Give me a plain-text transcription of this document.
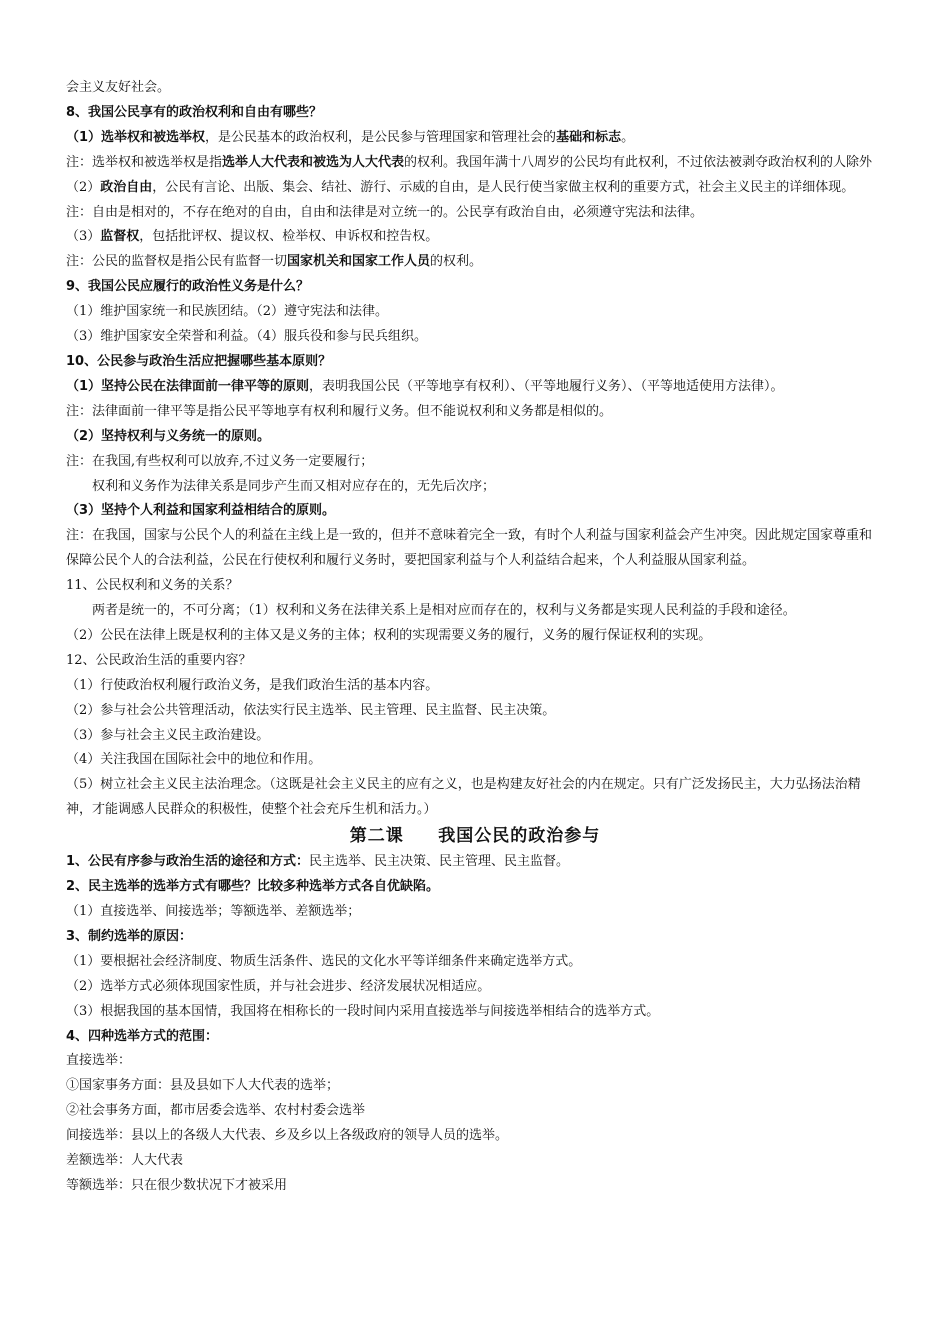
会主义友好社会。
8、我国公民享有的政治权利和自由有哪些？
（1）选举权和被选举权，是公民基本的政治权利，是公民参与管理国家和管理社会的基础和标志。
注：选举权和被选举权是指选举人大代表和被选为人大代表的权利。我国年满十八周岁的公民均有此权利，不过依法被剥夺政治权利的人除外
（2）政治自由，公民有言论、出版、集会、结社、游行、示威的自由，是人民行使当家做主权利的重要方式，社会主义民主的详细体现。
注：自由是相对的，不存在绝对的自由，自由和法律是对立统一的。公民享有政治自由，必须遵守宪法和法律。
（3）监督权，包括批评权、提议权、检举权、申诉权和控告权。
注：公民的监督权是指公民有监督一切国家机关和国家工作人员的权利。
9、我国公民应履行的政治性义务是什么？
（1）维护国家统一和民族团结。（2）遵守宪法和法律。
（3）维护国家安全荣誉和利益。（4）服兵役和参与民兵组织。
10、公民参与政治生活应把握哪些基本原则？
（1）坚持公民在法律面前一律平等的原则，表明我国公民（平等地享有权利）、（平等地履行义务）、（平等地适使用方法律）。
注：法律面前一律平等是指公民平等地享有权利和履行义务。但不能说权利和义务都是相似的。
（2）坚持权利与义务统一的原则。
注：在我国,有些权利可以放弃,不过义务一定要履行；
权利和义务作为法律关系是同步产生而又相对应存在的，无先后次序；
（3）坚持个人利益和国家利益相结合的原则。
注：在我国，国家与公民个人的利益在主线上是一致的，但并不意味着完全一致，有时个人利益与国家利益会产生冲突。因此规定国家尊重和保障公民个人的合法利益，公民在行使权利和履行义务时，要把国家利益与个人利益结合起来，个人利益服从国家利益。
11、公民权利和义务的关系？
两者是统一的，不可分离；（1）权利和义务在法律关系上是相对应而存在的，权利与义务都是实现人民利益的手段和途径。
（2）公民在法律上既是权利的主体又是义务的主体；权利的实现需要义务的履行，义务的履行保证权利的实现。
12、公民政治生活的重要内容？
（1）行使政治权利履行政治义务，是我们政治生活的基本内容。
（2）参与社会公共管理活动，依法实行民主选举、民主管理、民主监督、民主决策。
（3）参与社会主义民主政治建设。
（4）关注我国在国际社会中的地位和作用。
（5）树立社会主义民主法治理念。（这既是社会主义民主的应有之义，也是构建友好社会的内在规定。只有广泛发扬民主，大力弘扬法治精神，才能调感人民群众的积极性，使整个社会充斥生机和活力。）
第二课     我国公民的政治参与
1、公民有序参与政治生活的途径和方式：民主选举、民主决策、民主管理、民主监督。
2、民主选举的选举方式有哪些？比较多种选举方式各自优缺陷。
（1）直接选举、间接选举；等额选举、差额选举；
3、制约选举的原因：
（1）要根据社会经济制度、物质生活条件、选民的文化水平等详细条件来确定选举方式。
（2）选举方式必须体现国家性质，并与社会进步、经济发展状况相适应。
（3）根据我国的基本国情，我国将在相称长的一段时间内采用直接选举与间接选举相结合的选举方式。
4、四种选举方式的范围：
直接选举：
①国家事务方面：县及县如下人大代表的选举；
②社会事务方面，都市居委会选举、农村村委会选举
间接选举：县以上的各级人大代表、乡及乡以上各级政府的领导人员的选举。
差额选举：人大代表
等额选举：只在很少数状况下才被采用
